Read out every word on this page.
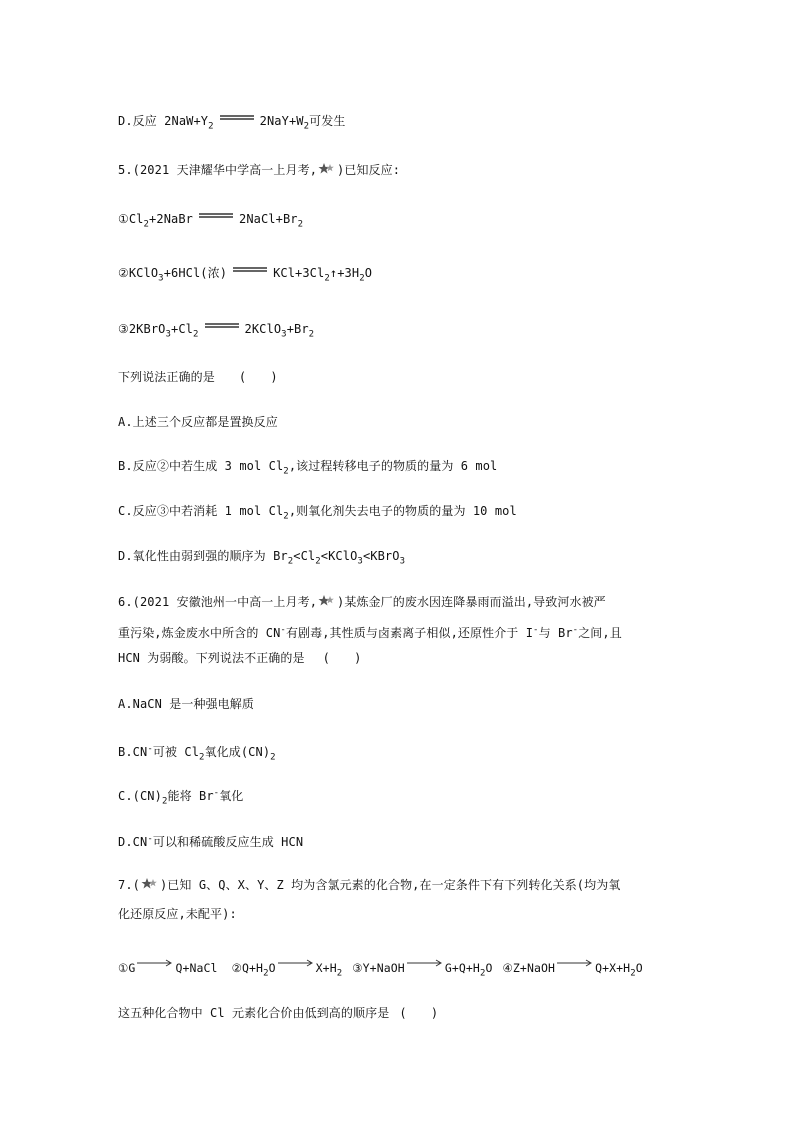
D.反应 $2NaW+Y_2$	$2NaY+W_2$可发生
5.(2021 天津耀华中学高一上月考, )已知反应:
$①Cl_2+2NaBr$	$2NaCl+Br_2$
②KClO$_3$+6HCl(浓)	$KCl+3Cl_2↑+3H_2O$
$③2KBrO_3+Cl_2$	$2KClO_3+Br_2$
下列说法正确的是 (　　)
A.上述三个反应都是置换反应
B.反应②中若生成 3 mol $Cl_2$,该过程转移电子的物质的量为 6 mol
C.反应③中若消耗 1 mol $Cl_2$,则氧化剂失去电子的物质的量为 10 mol
D.氧化性由弱到强的顺序为 $Br_2<Cl_2<KClO_3<KBrO_3$
6.(2021 安徽池州一中高一上月考, )某炼金厂的废水因连降暴雨而溢出,导致河水被严
重污染,炼金废水中所含的 CN-有剧毒,其性质与卤素离子相似,还原性介于 I-与 Br-之间,且
HCN 为弱酸。下列说法不正确的是 (　　)
A.NaCN 是一种强电解质
B.CN-可被 $Cl_2$氧化成$(CN)_2$
$C.(CN)_2$能将 Br-氧化
D.CN-可以和稀硫酸反应生成 HCN
7.( )已知 G、Q、X、Y、Z 均为含氯元素的化合物,在一定条件下有下列转化关系(均为氧
化还原反应,未配平):
①G	Q+NaCl $②Q+H_2O$	$X+H_2$ ③Y+NaOH	$G+Q+H_2O$ ④Z+NaOH	$Q+X+H_2O$
这五种化合物中 Cl 元素化合价由低到高的顺序是 (　　)
